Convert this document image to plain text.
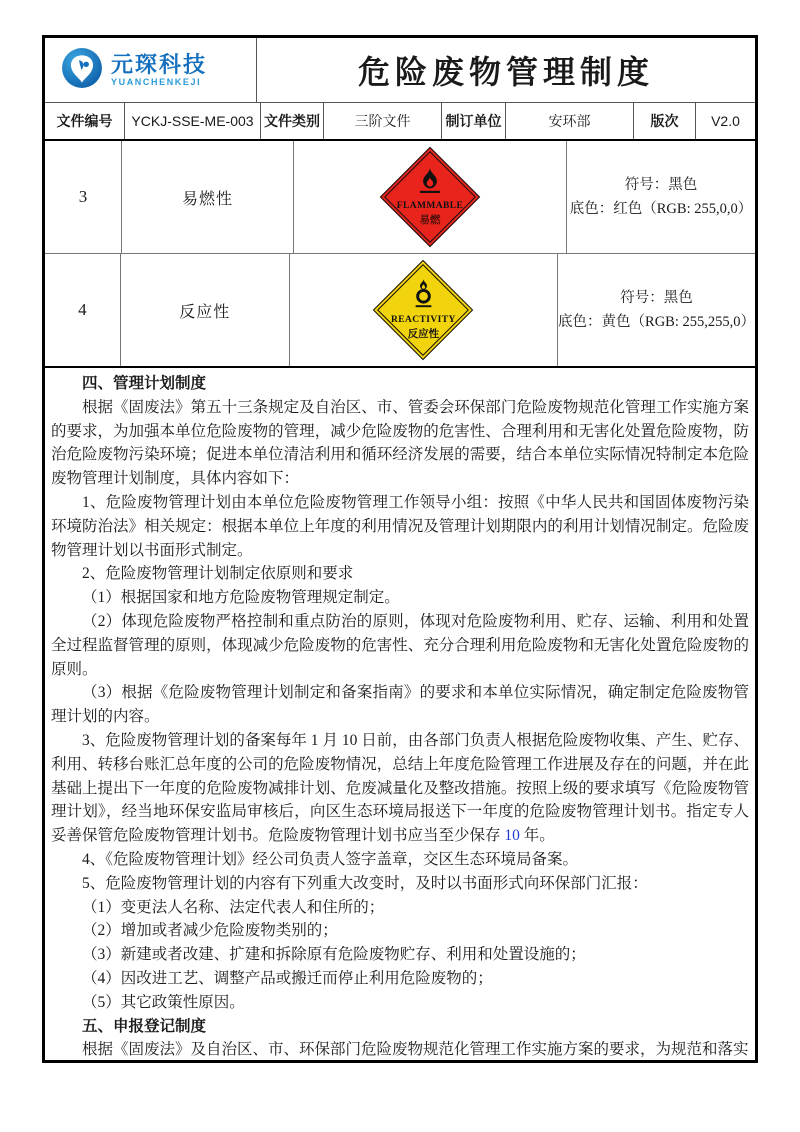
元琛科技
YUANCHENKEJI	危险废物管理制度
文件编号	YCKJ-SSE-ME-003 文件类别	三阶文件	制订单位	安环部	版次	V2.0
3	易燃性	FLAMMABLE
易燃
符号：黑色
底色：红色（RGB: 255,0,0）
4	反应性	REACTIVITY
反应性
符号：黑色
底色：黄色（RGB: 255,255,0）
四、管理计划制度
根据《固废法》第五十三条规定及自治区、市、管委会环保部门危险废物规范化管理工作实施方案的要求，为加强本单位危险废物的管理，减少危险废物的危害性、合理利用和无害化处置危险废物，防治危险废物污染环境；促进本单位清洁利用和循环经济发展的需要，结合本单位实际情况特制定本危险废物管理计划制度，具体内容如下：
1、危险废物管理计划由本单位危险废物管理工作领导小组：按照《中华人民共和国固体废物污染环境防治法》相关规定：根据本单位上年度的利用情况及管理计划期限内的利用计划情况制定。危险废物管理计划以书面形式制定。
2、危险废物管理计划制定依原则和要求
（1）根据国家和地方危险废物管理规定制定。
（2）体现危险废物严格控制和重点防治的原则，体现对危险废物利用、贮存、运输、利用和处置全过程监督管理的原则，体现减少危险废物的危害性、充分合理利用危险废物和无害化处置危险废物的原则。
（3）根据《危险废物管理计划制定和备案指南》的要求和本单位实际情况，确定制定危险废物管理计划的内容。
3、危险废物管理计划的备案每年 1 月 10 日前，由各部门负责人根据危险废物收集、产生、贮存、利用、转移台账汇总年度的公司的危险废物情况，总结上年度危险管理工作进展及存在的问题，并在此基础上提出下一年度的危险废物减排计划、危废减量化及整改措施。按照上级的要求填写《危险废物管理计划》，经当地环保安监局审核后，向区生态环境局报送下一年度的危险废物管理计划书。指定专人妥善保管危险废物管理计划书。危险废物管理计划书应当至少保存 10 年。
4、《危险废物管理计划》经公司负责人签字盖章，交区生态环境局备案。
5、危险废物管理计划的内容有下列重大改变时，及时以书面形式向环保部门汇报：
（1）变更法人名称、法定代表人和住所的；
（2）增加或者减少危险废物类别的；
（3）新建或者改建、扩建和拆除原有危险废物贮存、利用和处置设施的；
（4）因改进工艺、调整产品或搬迁而停止利用危险废物的；
（5）其它政策性原因。
五、申报登记制度
根据《固废法》及自治区、市、环保部门危险废物规范化管理工作实施方案的要求，为规范和落实
